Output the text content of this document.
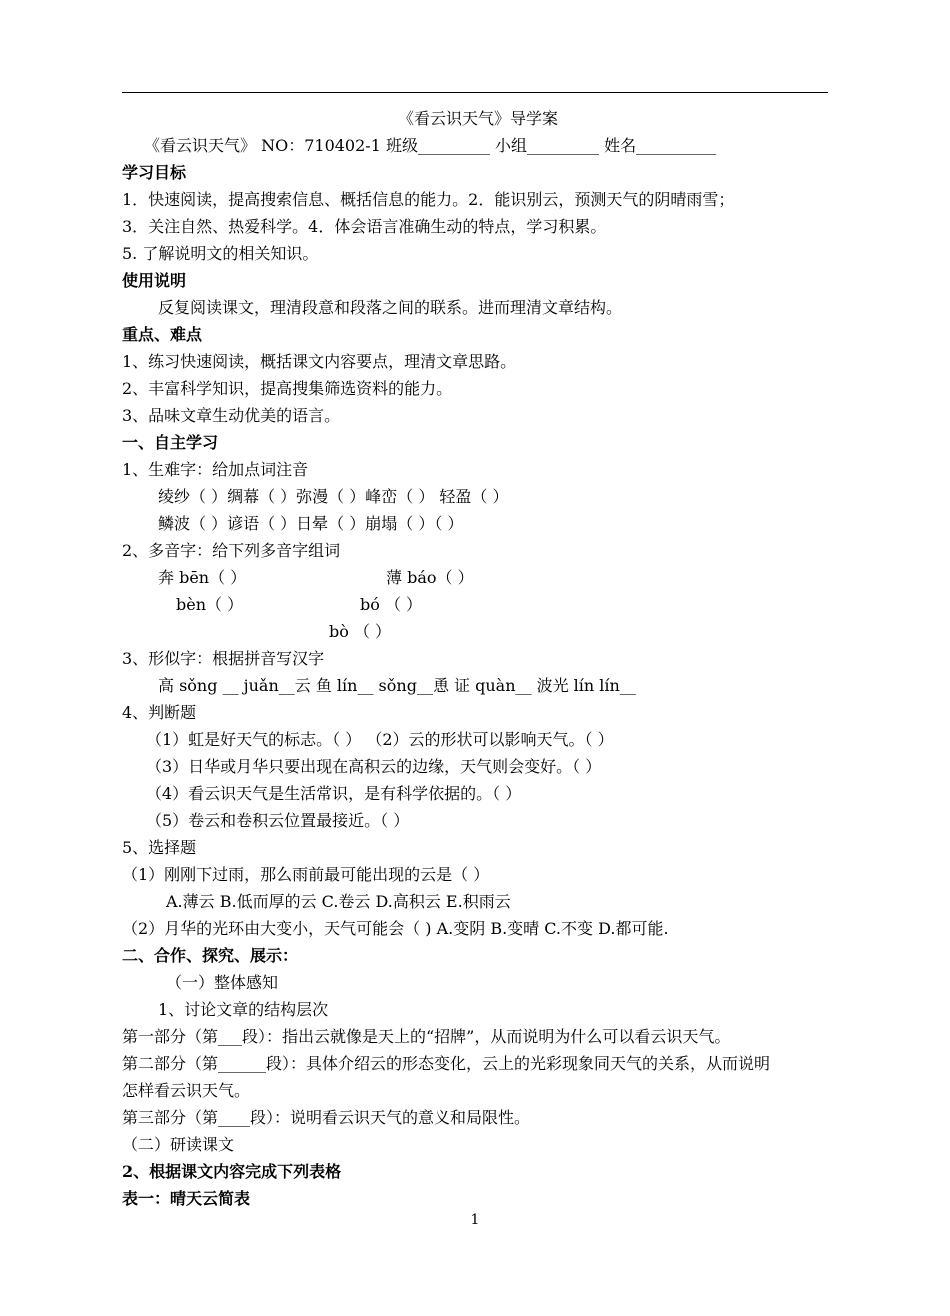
《看云识天气》导学案
《看云识天气》 NO：710402-1 班级_________ 小组_________ 姓名__________
学习目标
1．快速阅读，提高搜索信息、概括信息的能力。2．能识别云，预测天气的阴晴雨雪；
3．关注自然、热爱科学。4．体会语言准确生动的特点，学习积累。
5. 了解说明文的相关知识。
使用说明
反复阅读课文，理清段意和段落之间的联系。进而理清文章结构。
重点、难点
1、练习快速阅读，概括课文内容要点，理清文章思路。
2、丰富科学知识，提高搜集筛选资料的能力。
3、品味文章生动优美的语言。
一、自主学习
1、生难字：给加点词注音
绫纱（ ）绸幕（ ）弥漫（ ）峰峦（ ） 轻盈（ ）
鳞波（ ）谚语（ ）日晕（ ）崩塌（ ）（ ）
2、多音字：给下列多音字组词
奔 bēn（ ）	薄 báo（ ）
bèn（ ）	bó （ ）
bò （ ）
3、形似字：根据拼音写汉字
高 sǒng __ juǎn__云 鱼 lín__ sǒng__恿 证 quàn__ 波光 lín lín__
4、判断题
（1）虹是好天气的标志。（ ） （2）云的形状可以影响天气。（ ）
（3）日华或月华只要出现在高积云的边缘，天气则会变好。（ ）
（4）看云识天气是生活常识，是有科学依据的。（ ）
（5）卷云和卷积云位置最接近。（ ）
5、选择题
（1）刚刚下过雨，那么雨前最可能出现的云是（ ）
A.薄云 B.低而厚的云 C.卷云 D.高积云 E.积雨云
（2）月华的光环由大变小，天气可能会（ ) A.变阴 B.变晴 C.不变 D.都可能.
二、合作、探究、展示：
（一）整体感知
1、讨论文章的结构层次
第一部分（第___段）：指出云就像是天上的“招牌”，从而说明为什么可以看云识天气。
第二部分（第______段）：具体介绍云的形态变化，云上的光彩现象同天气的关系，从而说明
怎样看云识天气。
第三部分（第____段）：说明看云识天气的意义和局限性。
（二）研读课文
2、根据课文内容完成下列表格
表一：晴天云简表
1
